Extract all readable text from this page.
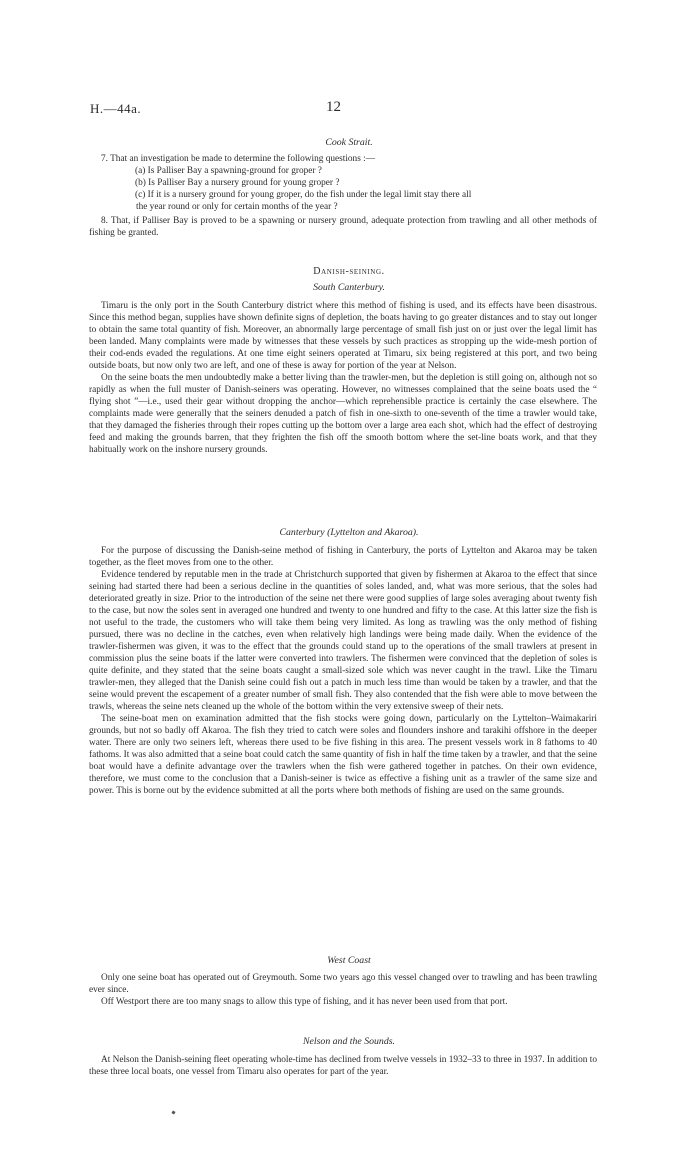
H.—44a.	12

Cook Strait.

7. That an investigation be made to determine the following questions :—

(a) Is Palliser Bay a spawning-ground for groper ?

(b) Is Palliser Bay a nursery ground for young groper ?

(c) If it is a nursery ground for young groper, do the fish under the legal limit stay there all

the year round or only for certain months of the year ?

8. That, if Palliser Bay is proved to be a spawning or nursery ground, adequate protection from trawling and all other methods of fishing be granted.

Danish-seining.

South Canterbury.

Timaru is the only port in the South Canterbury district where this method of fishing is used, and its effects have been disastrous. Since this method began, supplies have shown definite signs of depletion, the boats having to go greater distances and to stay out longer to obtain the same total quantity of fish. Moreover, an abnormally large percentage of small fish just on or just over the legal limit has been landed. Many complaints were made by witnesses that these vessels by such practices as stropping up the wide-mesh portion of their cod-ends evaded the regulations. At one time eight seiners operated at Timaru, six being registered at this port, and two being outside boats, but now only two are left, and one of these is away for portion of the year at Nelson.

On the seine boats the men undoubtedly make a better living than the trawler-men, but the depletion is still going on, although not so rapidly as when the full muster of Danish-seiners was operating. However, no witnesses complained that the seine boats used the “ flying shot ”—i.e., used their gear without dropping the anchor—which reprehensible practice is certainly the case elsewhere. The complaints made were generally that the seiners denuded a patch of fish in one-sixth to one-seventh of the time a trawler would take, that they damaged the fisheries through their ropes cutting up the bottom over a large area each shot, which had the effect of destroying feed and making the grounds barren, that they frighten the fish off the smooth bottom where the set-line boats work, and that they habitually work on the inshore nursery grounds.

Canterbury (Lyttelton and Akaroa).

For the purpose of discussing the Danish-seine method of fishing in Canterbury, the ports of Lyttelton and Akaroa may be taken together, as the fleet moves from one to the other.

Evidence tendered by reputable men in the trade at Christchurch supported that given by fishermen at Akaroa to the effect that since seining had started there had been a serious decline in the quantities of soles landed, and, what was more serious, that the soles had deteriorated greatly in size. Prior to the introduction of the seine net there were good supplies of large soles averaging about twenty fish to the case, but now the soles sent in averaged one hundred and twenty to one hundred and fifty to the case. At this latter size the fish is not useful to the trade, the customers who will take them being very limited. As long as trawling was the only method of fishing pursued, there was no decline in the catches, even when relatively high landings were being made daily. When the evidence of the trawler-fishermen was given, it was to the effect that the grounds could stand up to the operations of the small trawlers at present in commission plus the seine boats if the latter were converted into trawlers. The fishermen were convinced that the depletion of soles is quite definite, and they stated that the seine boats caught a small-sized sole which was never caught in the trawl. Like the Timaru trawler-men, they alleged that the Danish seine could fish out a patch in much less time than would be taken by a trawler, and that the seine would prevent the escapement of a greater number of small fish. They also contended that the fish were able to move between the trawls, whereas the seine nets cleaned up the whole of the bottom within the very extensive sweep of their nets.

The seine-boat men on examination admitted that the fish stocks were going down, particularly on the Lyttelton–Waimakariri grounds, but not so badly off Akaroa. The fish they tried to catch were soles and flounders inshore and tarakihi offshore in the deeper water. There are only two seiners left, whereas there used to be five fishing in this area. The present vessels work in 8 fathoms to 40 fathoms. It was also admitted that a seine boat could catch the same quantity of fish in half the time taken by a trawler, and that the seine boat would have a definite advantage over the trawlers when the fish were gathered together in patches. On their own evidence, therefore, we must come to the conclusion that a Danish-seiner is twice as effective a fishing unit as a trawler of the same size and power. This is borne out by the evidence submitted at all the ports where both methods of fishing are used on the same grounds.

West Coast

Only one seine boat has operated out of Greymouth. Some two years ago this vessel changed over to trawling and has been trawling ever since.

Off Westport there are too many snags to allow this type of fishing, and it has never been used from that port.

Nelson and the Sounds.

At Nelson the Danish-seining fleet operating whole-time has declined from twelve vessels in 1932–33 to three in 1937. In addition to these three local boats, one vessel from Timaru also operates for part of the year.
